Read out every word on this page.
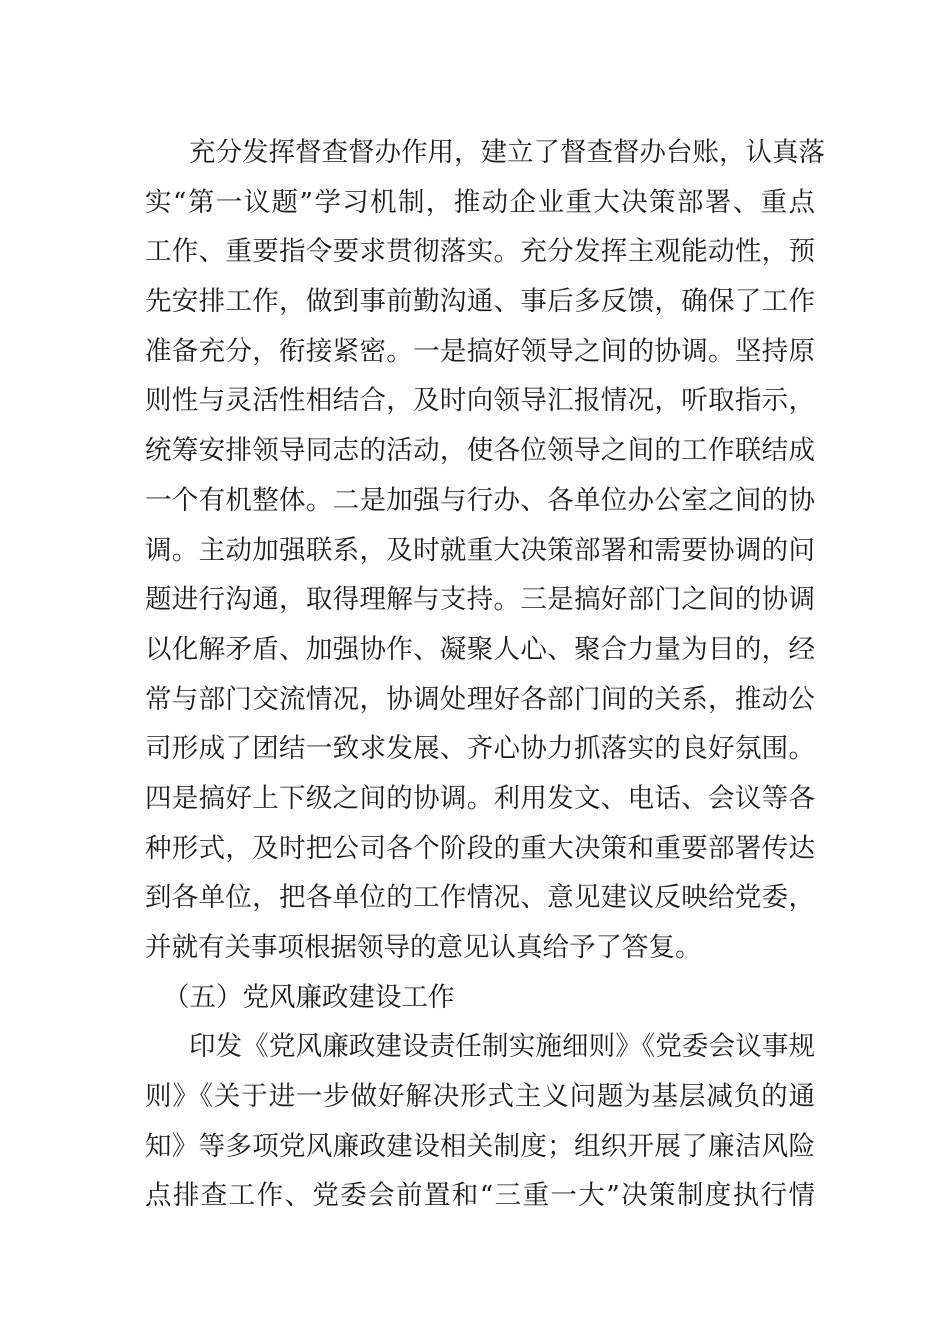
充分发挥督查督办作用，建立了督查督办台账，认真落
实“第一议题”学习机制，推动企业重大决策部署、重点
工作、重要指令要求贯彻落实。充分发挥主观能动性，预
先安排工作，做到事前勤沟通、事后多反馈，确保了工作
准备充分，衔接紧密。一是搞好领导之间的协调。坚持原
则性与灵活性相结合，及时向领导汇报情况，听取指示，
统筹安排领导同志的活动，使各位领导之间的工作联结成
一个有机整体。二是加强与行办、各单位办公室之间的协
调。主动加强联系，及时就重大决策部署和需要协调的问
题进行沟通，取得理解与支持。三是搞好部门之间的协调
以化解矛盾、加强协作、凝聚人心、聚合力量为目的，经
常与部门交流情况，协调处理好各部门间的关系，推动公
司形成了团结一致求发展、齐心协力抓落实的良好氛围。
四是搞好上下级之间的协调。利用发文、电话、会议等各
种形式，及时把公司各个阶段的重大决策和重要部署传达
到各单位，把各单位的工作情况、意见建议反映给党委，
并就有关事项根据领导的意见认真给予了答复。
（五）党风廉政建设工作
印发《党风廉政建设责任制实施细则》《党委会议事规
则》《关于进一步做好解决形式主义问题为基层减负的通
知》等多项党风廉政建设相关制度；组织开展了廉洁风险
点排查工作、党委会前置和“三重一大”决策制度执行情
